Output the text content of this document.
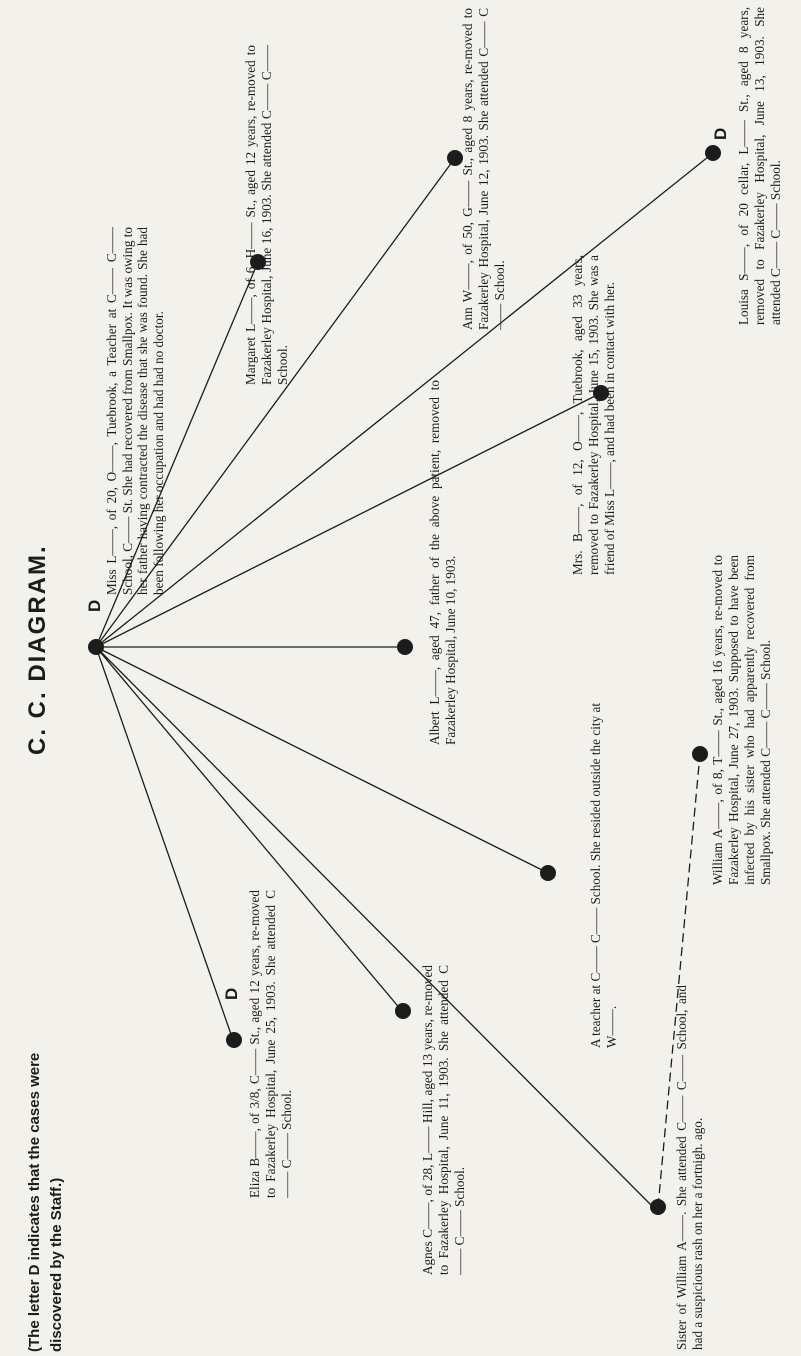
C. C. DIAGRAM.
(The letter D indicates that the cases were discovered by the Staff.)
D
D
D
Miss L——, of 20, O——, Tuebrook, a Teacher at C—— C—— School, C—— St. She had recovered from Smallpox. It was owing to her father having contracted the disease that she was found. She had been following her occupation and had had no doctor.
Margaret L——, of 6, H—— St., aged 12 years, re-moved to Fazakerley Hospital, June 16, 1903. She attended C—— C—— School.
Ann W——, of 50, G—— St., aged 8 years, re-moved to Fazakerley Hospital, June 12, 1903. She attended C—— C—— School.	Louisa S——, of 20 cellar, L—— St., aged 8 years, removed to Fazakerley Hospital, June 13, 1903. She attended C—— C—— School.
Mrs. B——, of 12, O——, Tuebrook, aged 33 years, removed to Fazakerley Hospital, June 15, 1903. She was a friend of Miss L——, and had been in contact with her.
Albert L——, aged 47, father of the above patient, removed to Fazakerley Hospital, June 10, 1903.	William A——, of 8, T—— St., aged 16 years, re-moved to Fazakerley Hospital, June 27, 1903. Supposed to have been infected by his sister who had apparently recovered from Smallpox. She attended C—— C—— School.
A teacher at C—— C—— School. She resided outside the city at W——.	Sister of William A——. She attended C—— C—— School, and had a suspicious rash on her a fortnigh. ago.
Agnes C——, of 28, L—— Hill, aged 13 years, re-moved to Fazakerley Hospital, June 11, 1903. She attended C—— C—— School.
Eliza B——, of 3/8, C—— St., aged 12 years, re-moved to Fazakerley Hospital, June 25, 1903. She attended C—— C—— School.
